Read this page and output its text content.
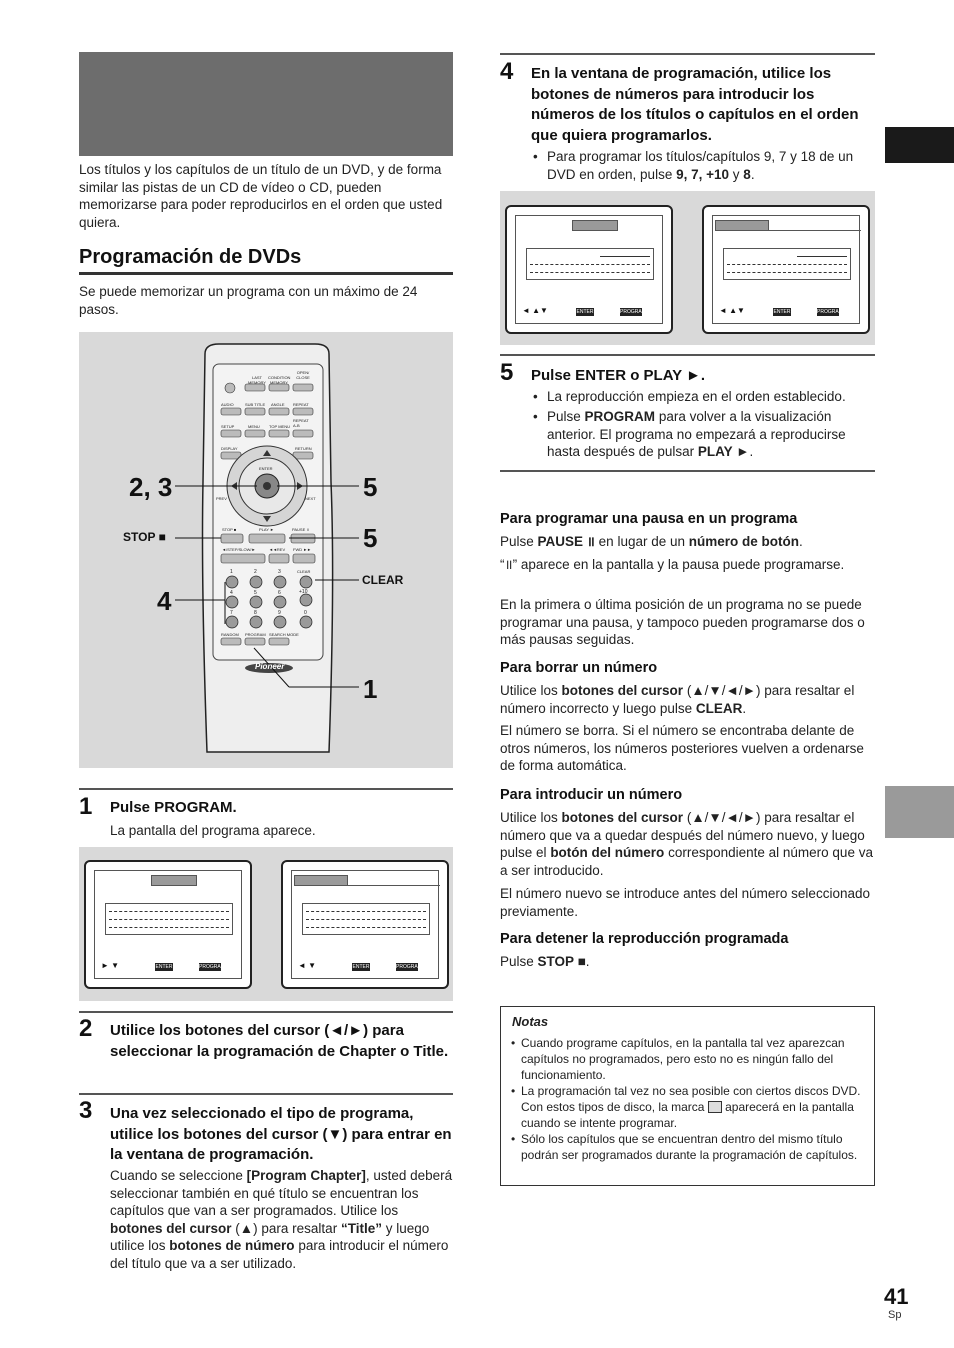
Los títulos y los capítulos de un título de un DVD, y de forma similar las pistas de un CD de vídeo o CD, pueden memorizarse para poder reproducirlos en el orden que usted quiera.
Programación de DVDs
Se puede memorizar un programa con un máximo de 24 pasos.
LAST MEMORY
CONDITION MEMORY
OPEN/ CLOSE
AUDIO	SUB TITLE ANGLE REPEAT
SETUP	MENU TOP MENU
REPEAT A-B
DISPLAY	RETURN
ENTER
PREV	NEXT
STOP ■	PLAY ►	PAUSE ॥
◄/STEP/SLOW/►	◄◄REV FWD ►►
CLEAR
+10
1	2	3
4	5	6
7	8	9	0
RANDOM PROGRAM SEARCH MODE
Pioneer
2, 3	5
5
4
1
STOP ■
CLEAR
1 Pulse PROGRAM.
La pantalla del programa aparece.
► ▼	ENTER	PROGRAM	◄ ▼	ENTER	PROGRAM
2 Utilice los botones del cursor (◄/►) para seleccionar la programación de Chapter o Title.
3 Una vez seleccionado el tipo de programa, utilice los botones del cursor (▼) para entrar en la ventana de programación.
Cuando se seleccione [Program Chapter], usted deberá seleccionar también en qué título se encuentran los capítulos que van a ser programados. Utilice los botones del cursor (▲) para resaltar “Title” y luego utilice los botones de número para introducir el número del título que va a ser utilizado.
4 En la ventana de programación, utilice los botones de números para introducir los números de los títulos o capítulos en el orden que quiera programarlos.
• Para programar los títulos/capítulos 9, 7 y 18 de un DVD en orden, pulse 9, 7, +10 y 8.
◄ ▲▼	ENTER	PROGRAM	◄ ▲▼	ENTER	PROGRAM
5 Pulse ENTER o PLAY ►.
• La reproducción empieza en el orden establecido.
• Pulse PROGRAM para volver a la visualización anterior. El programa no empezará a reproducirse hasta después de pulsar PLAY ►.
Para programar una pausa en un programa
Pulse PAUSE ॥ en lugar de un número de botón.
“॥” aparece en la pantalla y la pausa puede programarse.
En la primera o última posición de un programa no se puede programar una pausa, y tampoco pueden programarse dos o más pausas seguidas.
Para borrar un número
Utilice los botones del cursor (▲/▼/◄/►) para resaltar el número incorrecto y luego pulse CLEAR.
El número se borra. Si el número se encontraba delante de otros números, los números posteriores vuelven a ordenarse de forma automática.
Para introducir un número
Utilice los botones del cursor (▲/▼/◄/►) para resaltar el número que va a quedar después del número nuevo, y luego pulse el botón del número correspondiente al número que va a ser introducido.
El número nuevo se introduce antes del número seleccionado previamente.
Para detener la reproducción programada
Pulse STOP ■.
Notas
• Cuando programe capítulos, en la pantalla tal vez aparezcan capítulos no programados, pero esto no es ningún fallo del funcionamiento.
• La programación tal vez no sea posible con ciertos discos DVD. Con estos tipos de disco, la marca aparecerá en la pantalla cuando se intente programar.
• Sólo los capítulos que se encuentran dentro del mismo título podrán ser programados durante la programación de capítulos.
41
Sp
